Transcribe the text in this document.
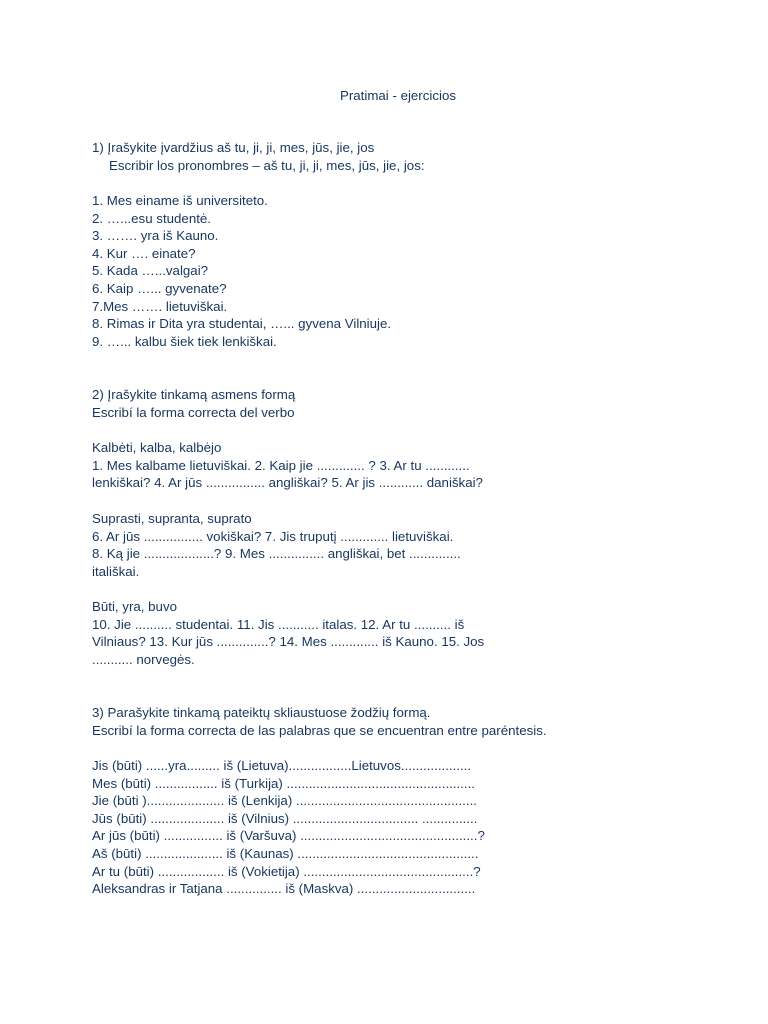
Pratimai - ejercicios
1) Įrašykite įvardžius aš tu, ji, ji, mes, jūs, jie, jos
Escribir los pronombres – aš tu, ji, ji, mes, jūs, jie, jos:
1. Mes einame iš universiteto.
2. …...esu studentė.
3. ……. yra iš Kauno.
4. Kur …. einate?
5. Kada …...valgai?
6. Kaip …... gyvenate?
7.Mes ……. lietuviškai.
8. Rimas ir Dita yra studentai, …... gyvena Vilniuje.
9. …... kalbu šiek tiek lenkiškai.
2) Įrašykite tinkamą asmens formą
Escribí la forma correcta del verbo
Kalbėti, kalba, kalbėjo
1. Mes kalbame lietuviškai. 2. Kaip jie ............. ? 3. Ar tu ............
lenkiškai? 4. Ar jūs ................ angliškai? 5. Ar jis ............ daniškai?
Suprasti, supranta, suprato
6. Ar jūs ................ vokiškai? 7. Jis truputį ............. lietuviškai.
8. Ką jie ...................? 9. Mes ............... angliškai, bet ..............
itališkai.
Būti, yra, buvo
10. Jie .......... studentai. 11. Jis ........... italas. 12. Ar tu .......... iš
Vilniaus? 13. Kur jūs ..............? 14. Mes ............. iš Kauno. 15. Jos
........... norvegės.
3) Parašykite tinkamą pateiktų skliaustuose žodžių formą.
Escribí la forma correcta de las palabras que se encuentran entre paréntesis.
Jis (būti) ......yra......... iš (Lietuva).................Lietuvos...................
Mes (būti) ................. iš (Turkija) ...................................................
Jie (būti )..................... iš (Lenkija) .................................................
Jūs (būti) .................... iš (Vilnius) .................................. ...............
Ar jūs (būti) ................ iš (Varšuva) ................................................?
Aš (būti) ..................... iš (Kaunas) .................................................
Ar tu (būti) .................. iš (Vokietija) ..............................................?
Aleksandras ir Tatjana ............... iš (Maskva) ................................
